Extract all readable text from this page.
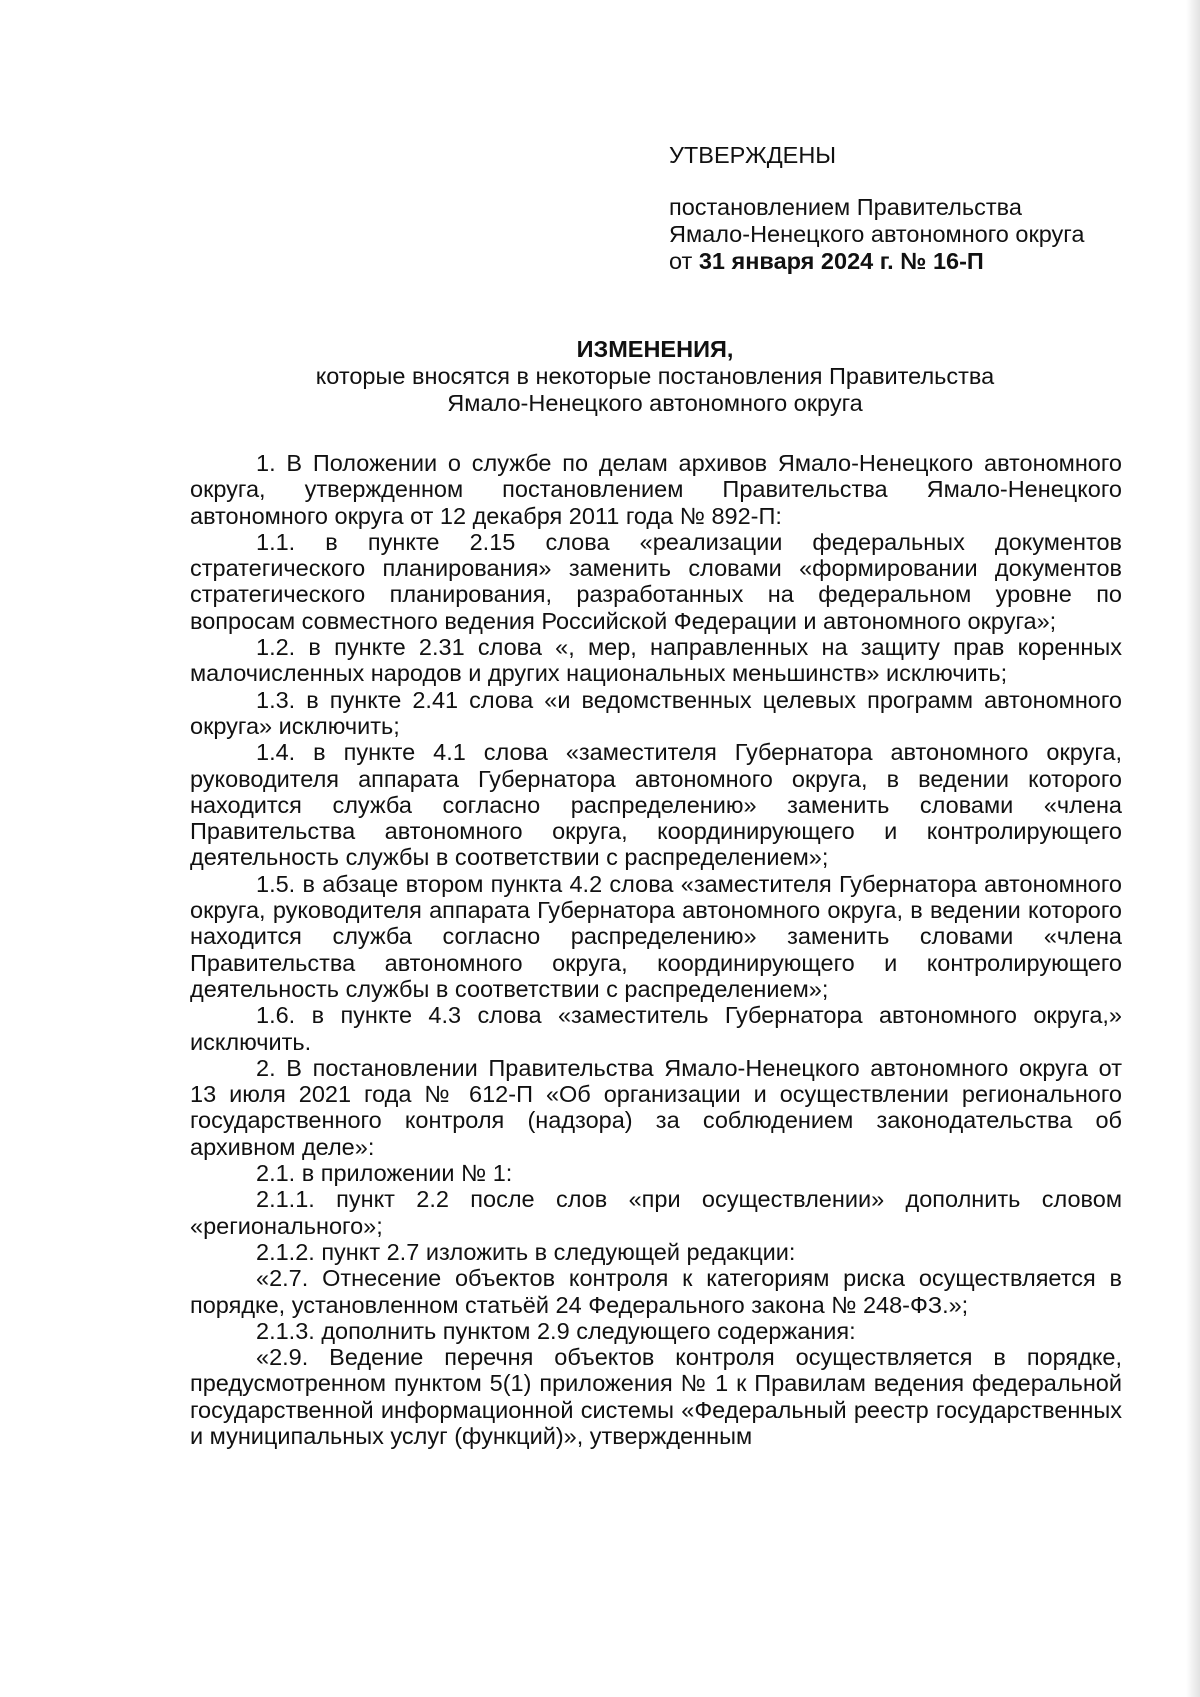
УТВЕРЖДЕНЫ
постановлением Правительства
Ямало-Ненецкого автономного округа
от 31 января 2024 г. № 16-П
ИЗМЕНЕНИЯ,
которые вносятся в некоторые постановления Правительства
Ямало-Ненецкого автономного округа

1. В Положении о службе по делам архивов Ямало-Ненецкого автономного округа, утвержденном постановлением Правительства Ямало-Ненецкого автономного округа от 12 декабря 2011 года № 892-П:

1.1. в пункте 2.15 слова «реализации федеральных документов стратегического планирования» заменить словами «формировании документов стратегического планирования, разработанных на федеральном уровне по вопросам совместного ведения Российской Федерации и автономного округа»;

1.2. в пункте 2.31 слова «, мер, направленных на защиту прав коренных малочисленных народов и других национальных меньшинств» исключить;

1.3. в пункте 2.41 слова «и ведомственных целевых программ автономного округа» исключить;

1.4. в пункте 4.1 слова «заместителя Губернатора автономного округа, руководителя аппарата Губернатора автономного округа, в ведении которого находится служба согласно распределению» заменить словами «члена Правительства автономного округа, координирующего и контролирующего деятельность службы в соответствии с распределением»;

1.5. в абзаце втором пункта 4.2 слова «заместителя Губернатора автономного округа, руководителя аппарата Губернатора автономного округа, в ведении которого находится служба согласно распределению» заменить словами «члена Правительства автономного округа, координирующего и контролирующего деятельность службы в соответствии с распределением»;

1.6. в пункте 4.3 слова «заместитель Губернатора автономного округа,» исключить.

2. В постановлении Правительства Ямало-Ненецкого автономного округа от 13 июля 2021 года № 612-П «Об организации и осуществлении регионального государственного контроля (надзора) за соблюдением законодательства об архивном деле»:

2.1. в приложении № 1:

2.1.1. пункт 2.2 после слов «при осуществлении» дополнить словом «регионального»;

2.1.2. пункт 2.7 изложить в следующей редакции:

«2.7. Отнесение объектов контроля к категориям риска осуществляется в порядке, установленном статьёй 24 Федерального закона № 248-ФЗ.»;

2.1.3. дополнить пунктом 2.9 следующего содержания:

«2.9. Ведение перечня объектов контроля осуществляется в порядке, предусмотренном пунктом 5(1) приложения № 1 к Правилам ведения федеральной государственной информационной системы «Федеральный реестр государственных и муниципальных услуг (функций)», утвержденным
